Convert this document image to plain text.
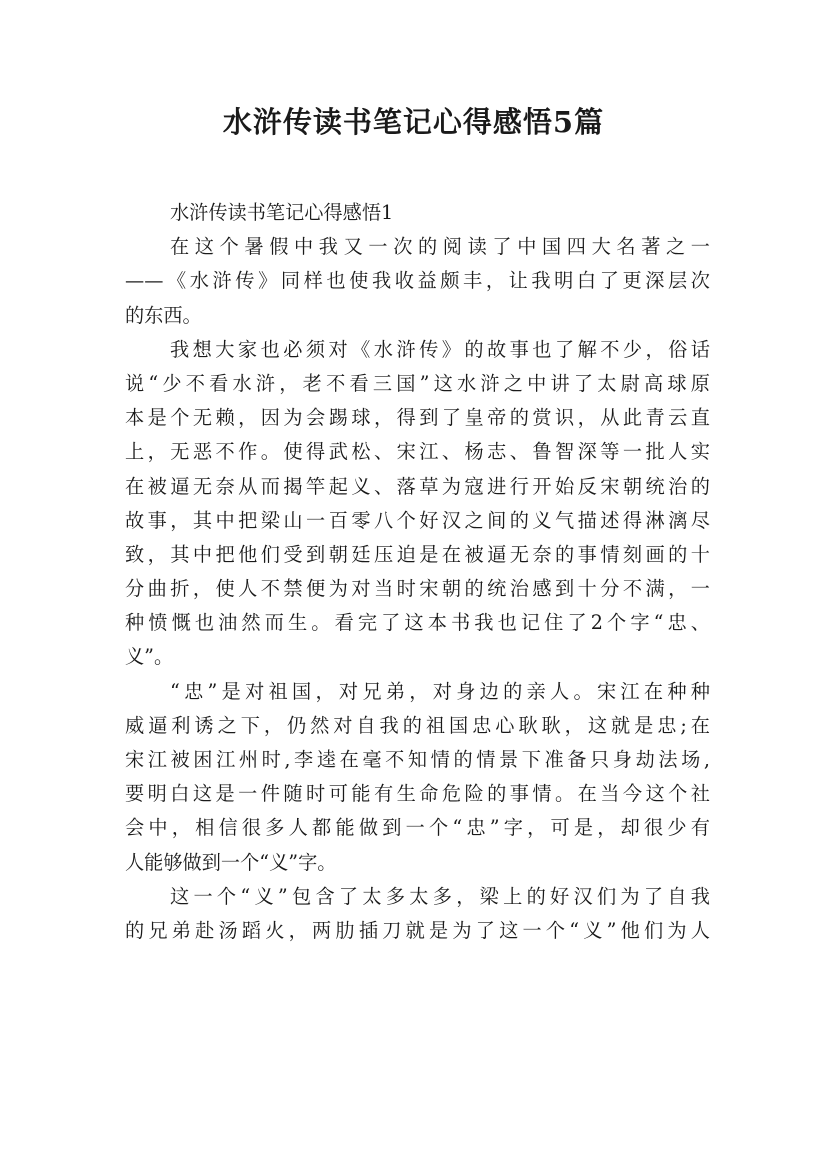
水浒传读书笔记心得感悟5篇
水浒传读书笔记心得感悟1
在这个暑假中我又一次的阅读了中国四大名著之一
——《水浒传》同样也使我收益颇丰，让我明白了更深层次
的东西。
我想大家也必须对《水浒传》的故事也了解不少，俗话
说“少不看水浒，老不看三国”这水浒之中讲了太尉高球原
本是个无赖，因为会踢球，得到了皇帝的赏识，从此青云直
上，无恶不作。使得武松、宋江、杨志、鲁智深等一批人实
在被逼无奈从而揭竿起义、落草为寇进行开始反宋朝统治的
故事，其中把梁山一百零八个好汉之间的义气描述得淋漓尽
致，其中把他们受到朝廷压迫是在被逼无奈的事情刻画的十
分曲折，使人不禁便为对当时宋朝的统治感到十分不满，一
种愤慨也油然而生。看完了这本书我也记住了2个字“忠、
义”。
“忠”是对祖国，对兄弟，对身边的亲人。宋江在种种
威逼利诱之下，仍然对自我的祖国忠心耿耿，这就是忠;在
宋江被困江州时,李逵在毫不知情的情景下准备只身劫法场,
要明白这是一件随时可能有生命危险的事情。在当今这个社
会中，相信很多人都能做到一个“忠”字，可是，却很少有
人能够做到一个“义”字。
这一个“义”包含了太多太多，梁上的好汉们为了自我
的兄弟赴汤蹈火，两肋插刀就是为了这一个“义”他们为人
